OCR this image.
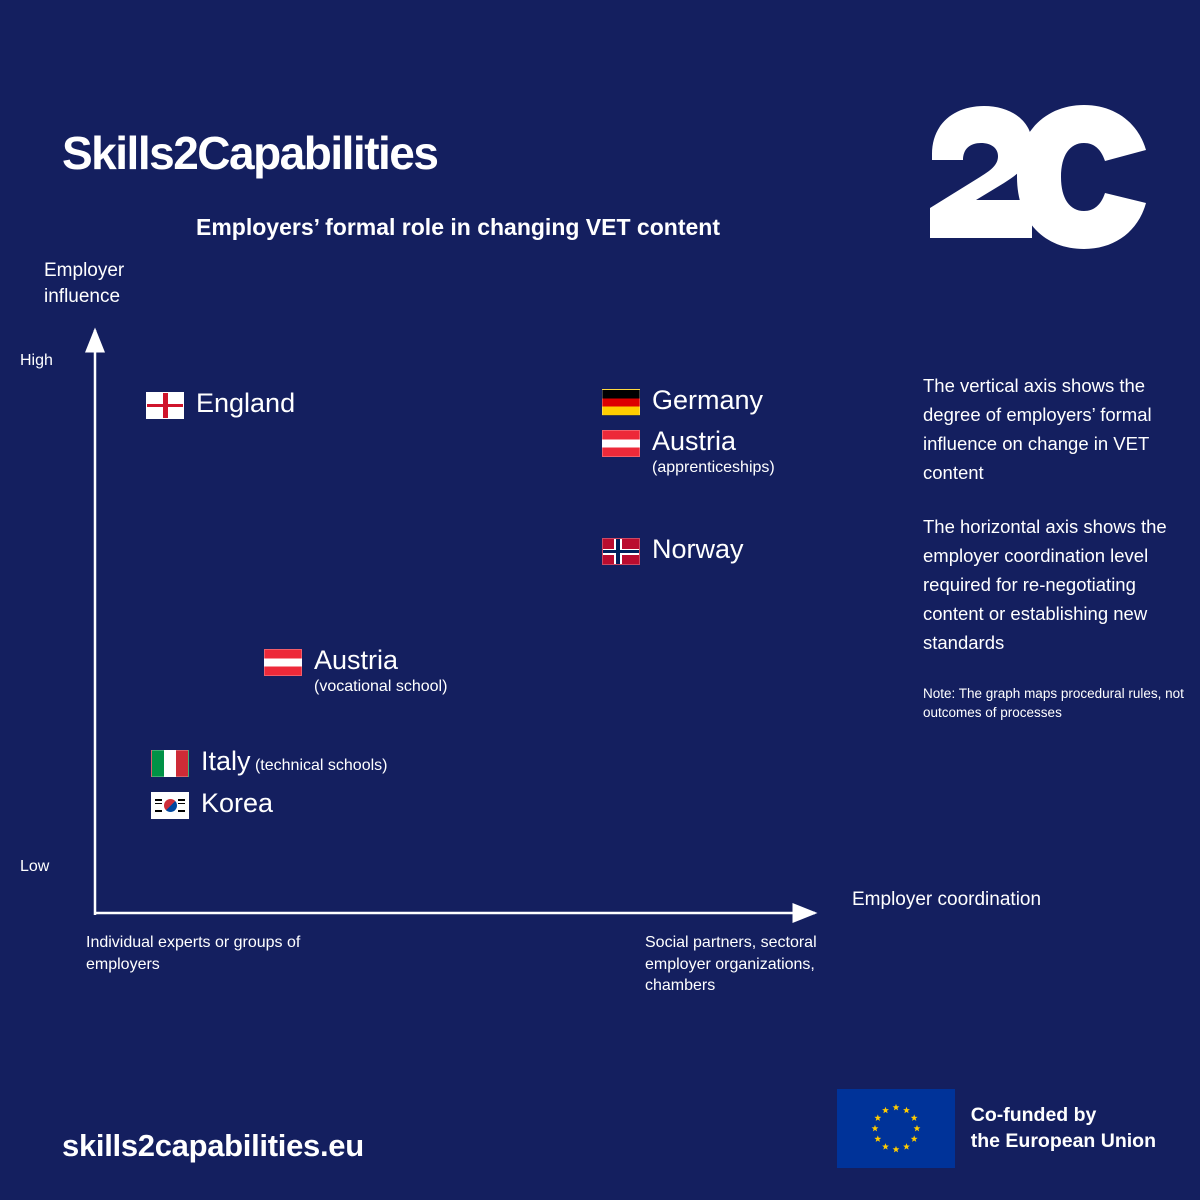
Skills2Capabilities
Employers’ formal role in changing VET content
Employer influence
High
Low
Employer coordination
Individual experts or groups of employers
Social partners, sectoral employer organizations, chambers
England	Germany
Austria
(apprenticeships)
Norway
Austria
(vocational school)
Italy (technical schools)
Korea

The vertical axis shows the degree of employers’ formal influence on change in VET content

The horizontal axis shows the employer coordination level required for re-negotiating content or establishing new standards

Note: The graph maps procedural rules, not outcomes of processes

skills2capabilities.eu
Co-funded by
the European Union
